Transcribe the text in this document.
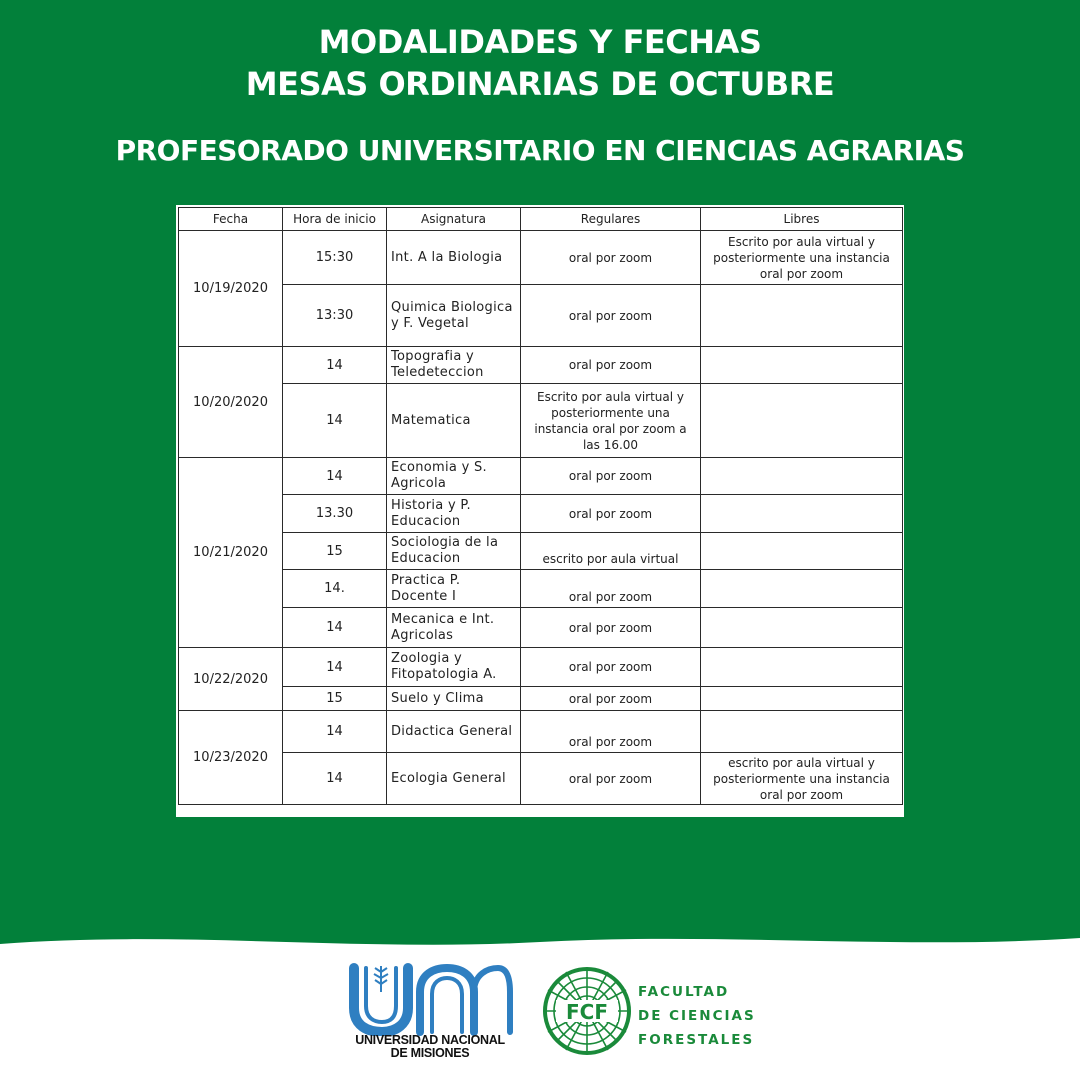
MODALIDADES Y FECHAS
MESAS ORDINARIAS DE OCTUBRE
PROFESORADO UNIVERSITARIO EN CIENCIAS AGRARIAS
Fecha	Hora de inicio	Asignatura	Regulares	Libres
10/19/2020	15:30	Int. A la Biologia	oral por zoom	Escrito por aula virtual y posteriormente una instancia oral por zoom
	13:30	Quimica Biologica y F. Vegetal	oral por zoom	
10/20/2020	14	Topografia y Teledeteccion	oral por zoom	
	14	Matematica	Escrito por aula virtual y posteriormente una instancia oral por zoom a las 16.00	
10/21/2020	14	Economia y S. Agricola	oral por zoom	
	13.30	Historia y P. Educacion	oral por zoom	
	15	Sociologia de la Educacion	escrito por aula virtual	
	14.	Practica P. Docente I	oral por zoom	
	14	Mecanica e Int. Agricolas	oral por zoom	
10/22/2020	14	Zoologia y Fitopatologia A.	oral por zoom	
	15	Suelo y Clima	oral por zoom	
10/23/2020	14	Didactica General	oral por zoom	
	14	Ecologia General	oral por zoom	escrito por aula virtual y posteriormente una instancia oral por zoom
UNIVERSIDAD NACIONAL
DE MISIONES
FCF
FACULTAD
DE CIENCIAS
FORESTALES
